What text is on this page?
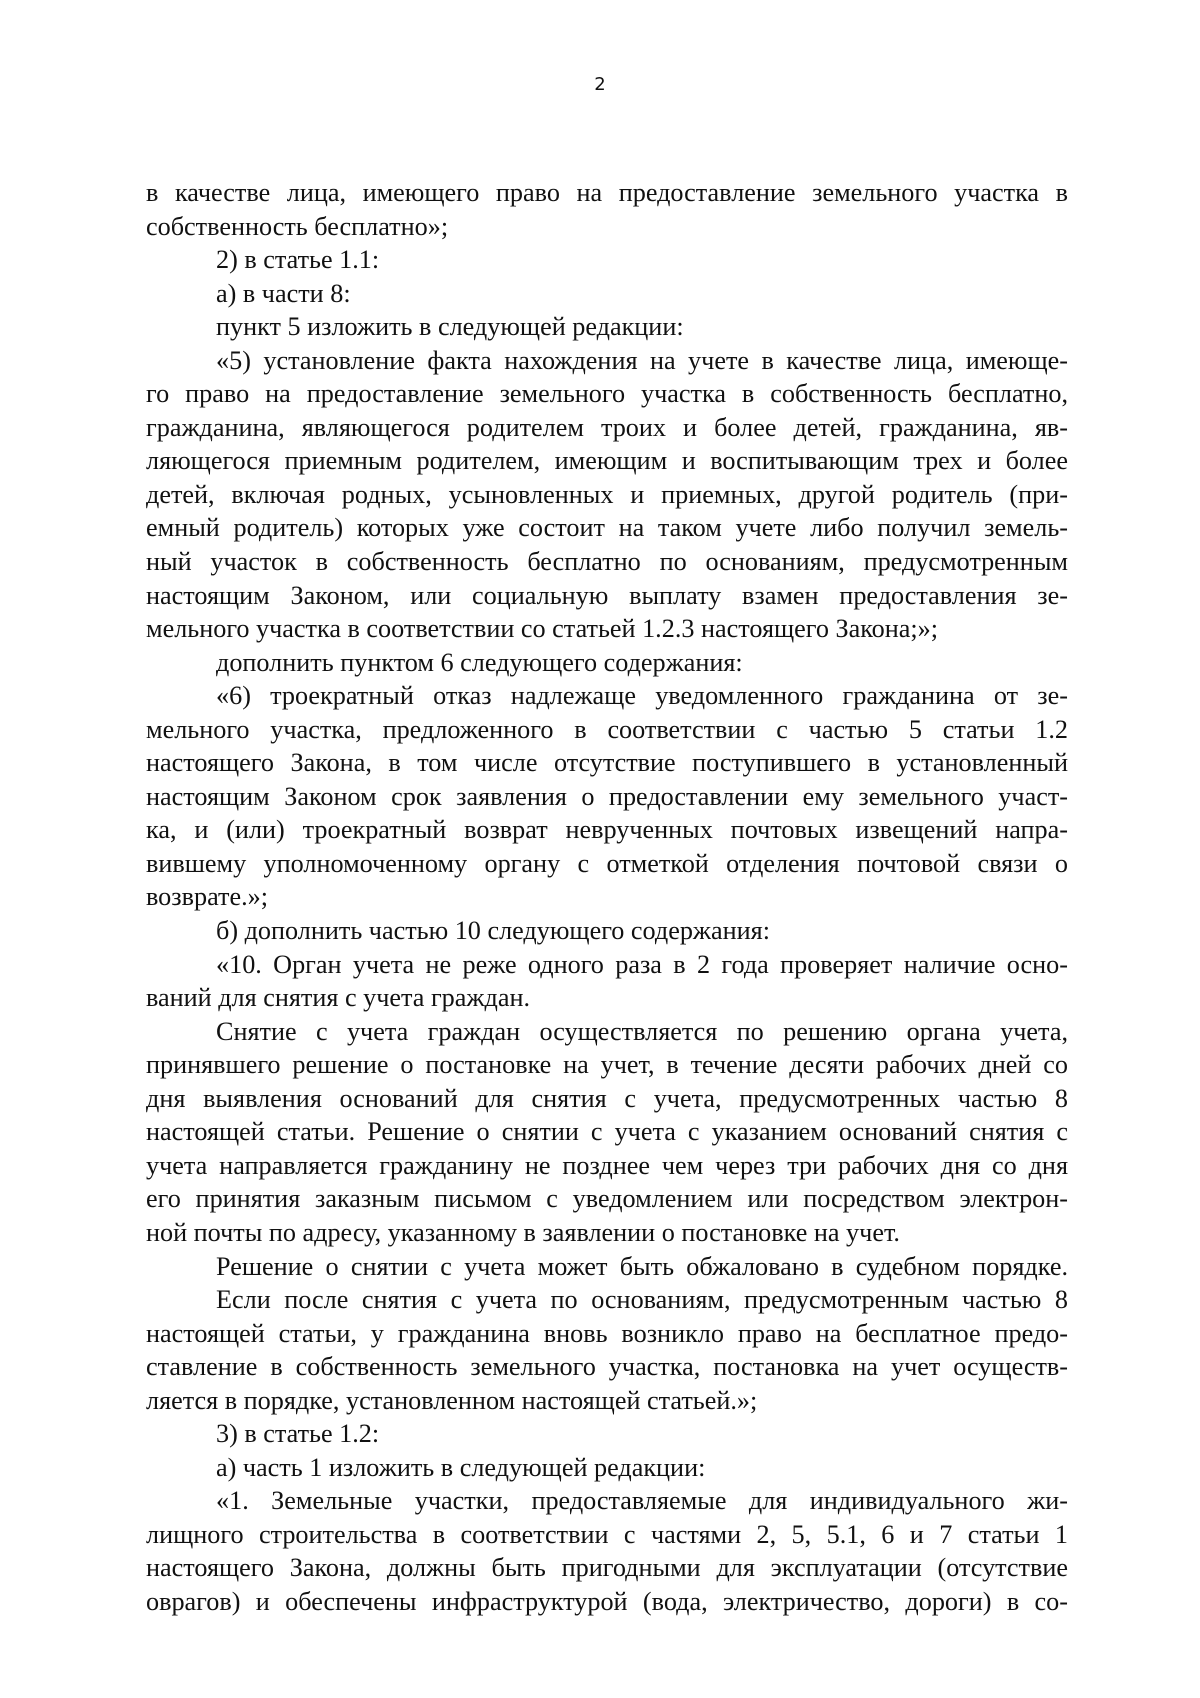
2
в качестве лица, имеющего право на предоставление земельного участка в
собственность бесплатно»;
2) в статье 1.1:
а) в части 8:
пункт 5 изложить в следующей редакции:
«5) установление факта нахождения на учете в качестве лица, имеюще-
го право на предоставление земельного участка в собственность бесплатно,
гражданина, являющегося родителем троих и более детей, гражданина, яв-
ляющегося приемным родителем, имеющим и воспитывающим трех и более
детей, включая родных, усыновленных и приемных, другой родитель (при-
емный родитель) которых уже состоит на таком учете либо получил земель-
ный участок в собственность бесплатно по основаниям, предусмотренным
настоящим Законом, или социальную выплату взамен предоставления зе-
мельного участка в соответствии со статьей 1.2.3 настоящего Закона;»;
дополнить пунктом 6 следующего содержания:
«6) троекратный отказ надлежаще уведомленного гражданина от зе-
мельного участка, предложенного в соответствии с частью 5 статьи 1.2
настоящего Закона, в том числе отсутствие поступившего в установленный
настоящим Законом срок заявления о предоставлении ему земельного участ-
ка, и (или) троекратный возврат неврученных почтовых извещений напра-
вившему уполномоченному органу с отметкой отделения почтовой связи о
возврате.»;
б) дополнить частью 10 следующего содержания:
«10. Орган учета не реже одного раза в 2 года проверяет наличие осно-
ваний для снятия с учета граждан.
Снятие с учета граждан осуществляется по решению органа учета,
принявшего решение о постановке на учет, в течение десяти рабочих дней со
дня выявления оснований для снятия с учета, предусмотренных частью 8
настоящей статьи. Решение о снятии с учета с указанием оснований снятия с
учета направляется гражданину не позднее чем через три рабочих дня со дня
его принятия заказным письмом с уведомлением или посредством электрон-
ной почты по адресу, указанному в заявлении о постановке на учет.
Решение о снятии с учета может быть обжаловано в судебном порядке.
Если после снятия с учета по основаниям, предусмотренным частью 8
настоящей статьи, у гражданина вновь возникло право на бесплатное предо-
ставление в собственность земельного участка, постановка на учет осуществ-
ляется в порядке, установленном настоящей статьей.»;
3) в статье 1.2:
а) часть 1 изложить в следующей редакции:
«1. Земельные участки, предоставляемые для индивидуального жи-
лищного строительства в соответствии с частями 2, 5, 5.1, 6 и 7 статьи 1
настоящего Закона, должны быть пригодными для эксплуатации (отсутствие
оврагов) и обеспечены инфраструктурой (вода, электричество, дороги) в со-
